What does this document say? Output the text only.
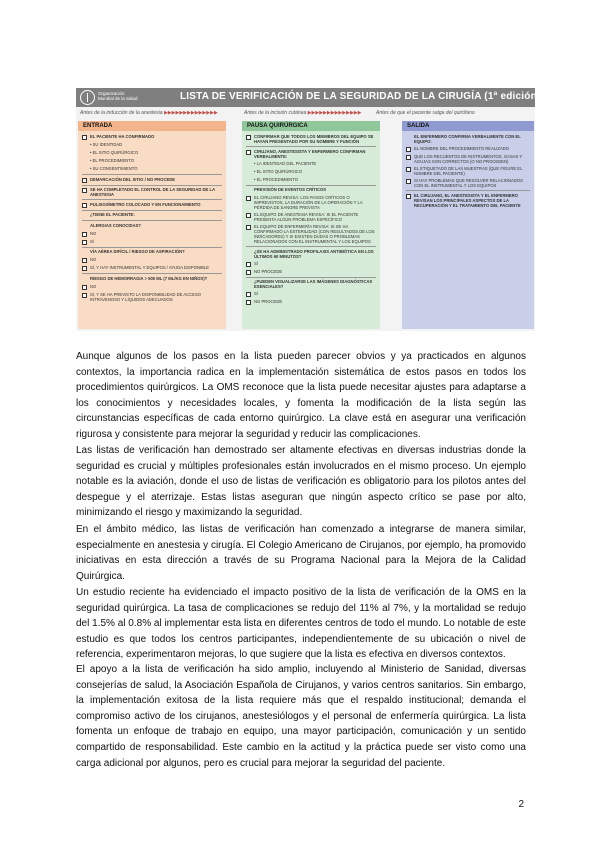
Organización
Mundial de la Salud	LISTA DE VERIFICACIÓN DE LA SEGURIDAD DE LA CIRUGÍA (1ª edición)
Antes de la inducción de la anestesia ▶▶▶▶▶▶▶▶▶▶▶▶▶▶	Antes de la incisión cutánea ▶▶▶▶▶▶▶▶▶▶▶▶▶▶	Antes de que el paciente salga del quirófano
ENTRADA
EL PACIENTE HA CONFIRMADO
• SU IDENTIDAD
• EL SITIO QUIRÚRGICO
• EL PROCEDIMIENTO
• SU CONSENTIMIENTO
DEMARCACIÓN DEL SITIO / NO PROCEDE
SE HA COMPLETADO EL CONTROL DE LA SEGURIDAD DE LA ANESTESIA
PULSIOXÍMETRO COLOCADO Y EN FUNCIONAMIENTO
¿TIENE EL PACIENTE:
ALERGIAS CONOCIDAS?
NO
SÍ
VÍA AÉREA DIFÍCIL / RIESGO DE ASPIRACIÓN?
NO
SÍ, Y HAY INSTRUMENTAL Y EQUIPOS / AYUDA DISPONIBLE
RIESGO DE HEMORRAGIA > 500 ML (7 ML/KG EN NIÑOS)?
NO
SÍ, Y SE HA PREVISTO LA DISPONIBILIDAD DE ACCESO INTRAVENOSO Y LÍQUIDOS ADECUADOS
PAUSA QUIRÚRGICA
CONFIRMAR QUE TODOS LOS MIEMBROS DEL EQUIPO SE HAYAN PRESENTADO POR SU NOMBRE Y FUNCIÓN
CIRUJANO, ANESTESISTA Y ENFERMERO CONFIRMAN VERBALMENTE:
• LA IDENTIDAD DEL PACIENTE
• EL SITIO QUIRÚRGICO
• EL PROCEDIMIENTO
PREVISIÓN DE EVENTOS CRÍTICOS
EL CIRUJANO REVISA: LOS PASOS CRÍTICOS O IMPREVISTOS, LA DURACIÓN DE LA OPERACIÓN Y LA PÉRDIDA DE SANGRE PREVISTA
EL EQUIPO DE ANESTESIA REVISA: SI EL PACIENTE PRESENTA ALGÚN PROBLEMA ESPECÍFICO
EL EQUIPO DE ENFERMERÍA REVISA: SI SE HA CONFIRMADO LA ESTERILIDAD (CON RESULTADOS DE LOS INDICADORES) Y SI EXISTEN DUDAS O PROBLEMAS RELACIONADOS CON EL INSTRUMENTAL Y LOS EQUIPOS
¿SE HA ADMINISTRADO PROFILAXIS ANTIBIÓTICA EN LOS ÚLTIMOS 60 MINUTOS?
SÍ
NO PROCEDE
¿PUEDEN VISUALIZARSE LAS IMÁGENES DIAGNÓSTICAS ESENCIALES?
SÍ
NO PROCEDE
SALIDA
EL ENFERMERO CONFIRMA VERBALMENTE CON EL EQUIPO:
EL NOMBRE DEL PROCEDIMIENTO REALIZADO
QUE LOS RECUENTOS DE INSTRUMENTOS, GASAS Y AGUJAS SON CORRECTOS (O NO PROCEDEN)
EL ETIQUETADO DE LAS MUESTRAS (QUE FIGURE EL NOMBRE DEL PACIENTE)
SI HAY PROBLEMAS QUE RESOLVER RELACIONADOS CON EL INSTRUMENTAL Y LOS EQUIPOS
EL CIRUJANO, EL ANESTESISTA Y EL ENFERMERO REVISAN LOS PRINCIPALES ASPECTOS DE LA RECUPERACIÓN Y EL TRATAMIENTO DEL PACIENTE

Aunque algunos de los pasos en la lista pueden parecer obvios y ya practicados en algunos contextos, la importancia radica en la implementación sistemática de estos pasos en todos los procedimientos quirúrgicos. La OMS reconoce que la lista puede necesitar ajustes para adaptarse a los conocimientos y necesidades locales, y fomenta la modificación de la lista según las circunstancias específicas de cada entorno quirúrgico. La clave está en asegurar una verificación rigurosa y consistente para mejorar la seguridad y reducir las complicaciones.

Las listas de verificación han demostrado ser altamente efectivas en diversas industrias donde la seguridad es crucial y múltiples profesionales están involucrados en el mismo proceso. Un ejemplo notable es la aviación, donde el uso de listas de verificación es obligatorio para los pilotos antes del despegue y el aterrizaje. Estas listas aseguran que ningún aspecto crítico se pase por alto, minimizando el riesgo y maximizando la seguridad.

En el ámbito médico, las listas de verificación han comenzado a integrarse de manera similar, especialmente en anestesia y cirugía. El Colegio Americano de Cirujanos, por ejemplo, ha promovido iniciativas en esta dirección a través de su Programa Nacional para la Mejora de la Calidad Quirúrgica.

Un estudio reciente ha evidenciado el impacto positivo de la lista de verificación de la OMS en la seguridad quirúrgica. La tasa de complicaciones se redujo del 11% al 7%, y la mortalidad se redujo del 1.5% al 0.8% al implementar esta lista en diferentes centros de todo el mundo. Lo notable de este estudio es que todos los centros participantes, independientemente de su ubicación o nivel de referencia, experimentaron mejoras, lo que sugiere que la lista es efectiva en diversos contextos.

El apoyo a la lista de verificación ha sido amplio, incluyendo al Ministerio de Sanidad, diversas consejerías de salud, la Asociación Española de Cirujanos, y varios centros sanitarios. Sin embargo, la implementación exitosa de la lista requiere más que el respaldo institucional; demanda el compromiso activo de los cirujanos, anestesiólogos y el personal de enfermería quirúrgica. La lista fomenta un enfoque de trabajo en equipo, una mayor participación, comunicación y un sentido compartido de responsabilidad. Este cambio en la actitud y la práctica puede ser visto como una carga adicional por algunos, pero es crucial para mejorar la seguridad del paciente.

2
